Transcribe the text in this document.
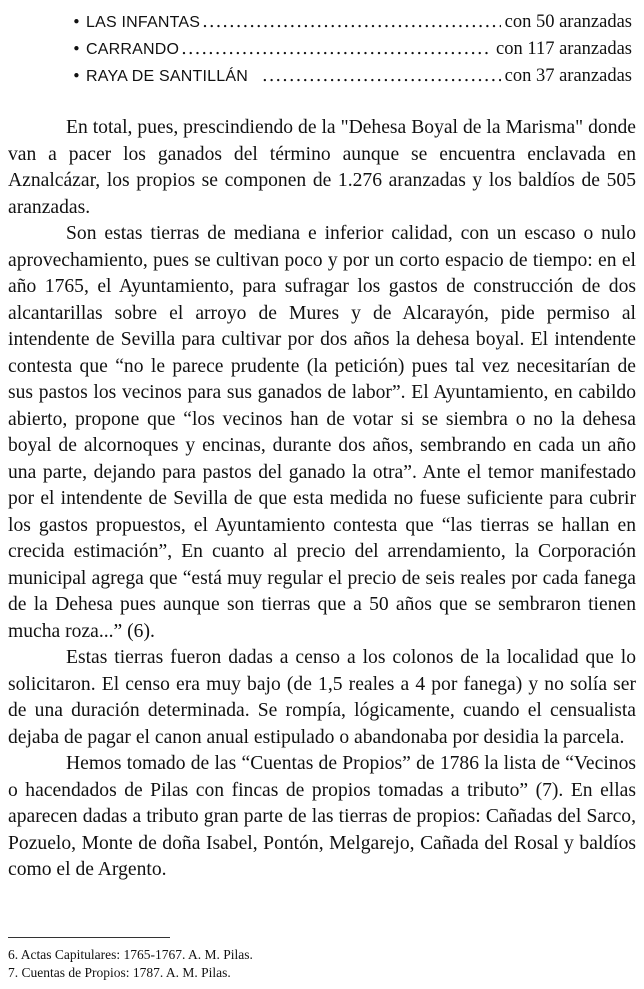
• LAS INFANTAS .....	con 50 aranzadas
• CARRANDO .....	con 117 aranzadas
• RAYA DE SANTILLÁN .....	con 37 aranzadas

En total, pues, prescindiendo de la "Dehesa Boyal de la Marisma" donde van a pacer los ganados del término aunque se encuentra enclavada en Aznalcázar, los propios se componen de 1.276 aranzadas y los baldíos de 505 aranzadas.

Son estas tierras de mediana e inferior calidad, con un escaso o nulo aprovechamiento, pues se cultivan poco y por un corto espacio de tiempo: en el año 1765, el Ayuntamiento, para sufragar los gastos de construcción de dos alcantarillas sobre el arroyo de Mures y de Alcarayón, pide permiso al intendente de Sevilla para cultivar por dos años la dehesa boyal. El intendente contesta que “no le parece prudente (la petición) pues tal vez necesitarían de sus pastos los vecinos para sus ganados de labor”. El Ayuntamiento, en cabildo abierto, propone que “los vecinos han de votar si se siembra o no la dehesa boyal de alcornoques y encinas, durante dos años, sembrando en cada un año una parte, dejando para pastos del ganado la otra”. Ante el temor manifestado por el intendente de Sevilla de que esta medida no fuese suficiente para cubrir los gastos propuestos, el Ayuntamiento contesta que “las tierras se hallan en crecida estimación”, En cuanto al precio del arrendamiento, la Corporación municipal agrega que “está muy regular el precio de seis reales por cada fanega de la Dehesa pues aunque son tierras que a 50 años que se sembraron tienen mucha roza...” (6).

Estas tierras fueron dadas a censo a los colonos de la localidad que lo solicitaron. El censo era muy bajo (de 1,5 reales a 4 por fanega) y no solía ser de una duración determinada. Se rompía, lógicamente, cuando el censualista dejaba de pagar el canon anual estipulado o abandonaba por desidia la parcela.

Hemos tomado de las “Cuentas de Propios” de 1786 la lista de “Vecinos o hacendados de Pilas con fincas de propios tomadas a tributo” (7). En ellas aparecen dadas a tributo gran parte de las tierras de propios: Cañadas del Sarco, Pozuelo, Monte de doña Isabel, Pontón, Melgarejo, Cañada del Rosal y baldíos como el de Argento.

6. Actas Capitulares: 1765-1767. A. M. Pilas.
7. Cuentas de Propios: 1787. A. M. Pilas.
